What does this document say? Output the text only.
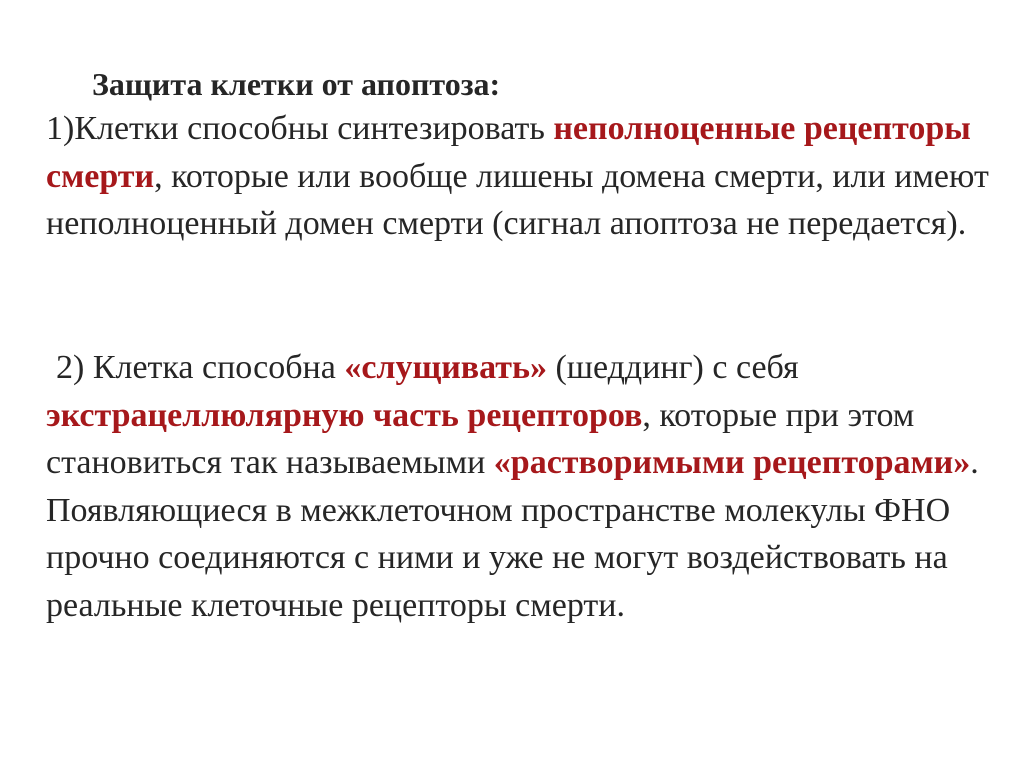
Защита клетки от апоптоза:
1)Клетки способны синтезировать неполноценные рецепторы смерти, которые или вообще лишены домена смерти, или имеют неполноценный домен смерти (сигнал апоптоза не передается).
2) Клетка способна «слущивать» (шеддинг) с себя экстрацеллюлярную часть рецепторов, которые при этом становиться так называемыми «растворимыми рецепторами». Появляющиеся в межклеточном пространстве молекулы ФНО прочно соединяются с ними и уже не могут воздействовать на реальные клеточные рецепторы смерти.
